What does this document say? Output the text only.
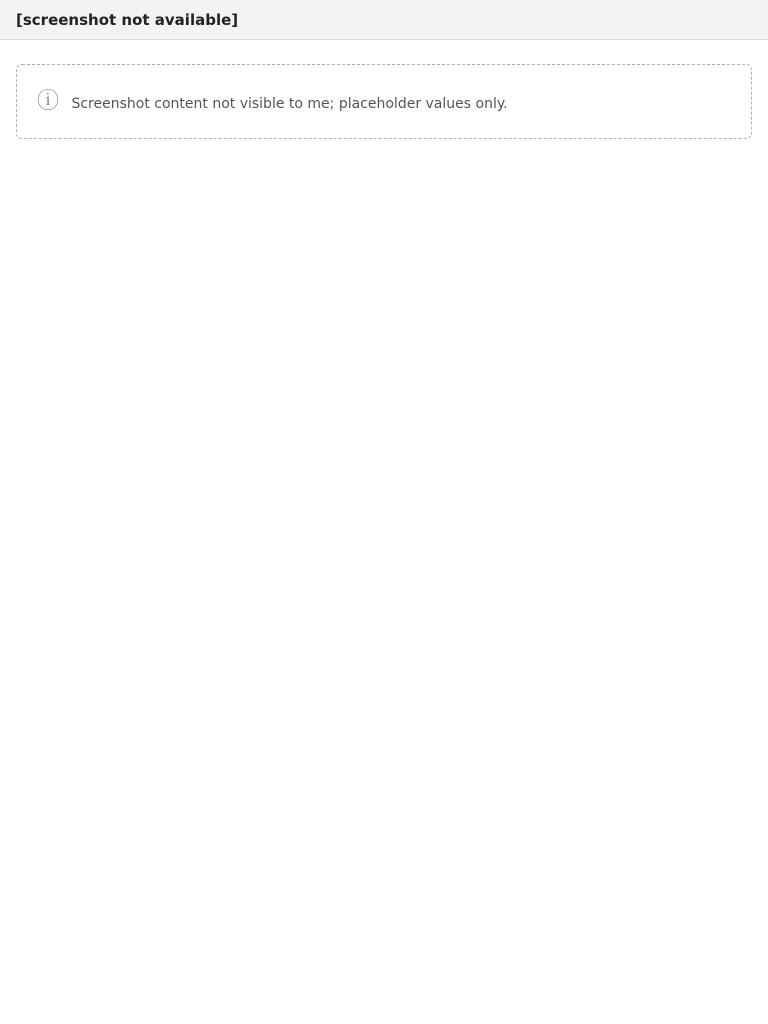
[screenshot not available]
ⓘ Screenshot content not visible to me; placeholder values only.
